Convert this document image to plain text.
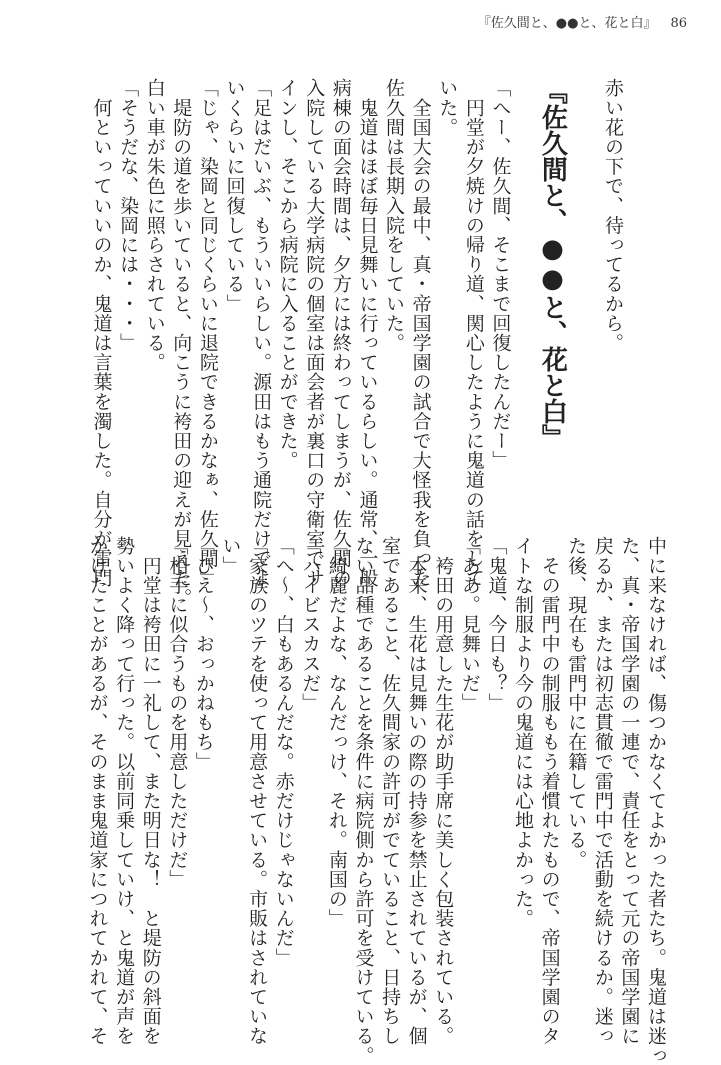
『佐久間と、●●と、花と白』 86
赤い花の下で、待ってるから。
『佐久間と、●●と、花と白』
「へー、佐久間、そこまで回復したんだー」
　円堂が夕焼けの帰り道、関心したように鬼道の話をして
いた。
　全国大会の最中、真・帝国学園の試合で大怪我を負った
佐久間は長期入院をしていた。
　鬼道はほぼ毎日見舞いに行っているらしい。通常、一般
病棟の面会時間は、夕方には終わってしまうが、佐久間の
入院している大学病院の個室は面会者が裏口の守衛室でサ
インし、そこから病院に入ることができた。
「足はだいぶ、もういいらしい。源田はもう通院だけでよ
いくらいに回復している」
「じゃ、染岡と同じくらいに退院できるかなぁ、佐久間」
　堤防の道を歩いていると、向こうに袴田の迎えが見えた。
白い車が朱色に照らされている。
「そうだな、染岡には・・・」
　何といっていいのか、鬼道は言葉を濁した。自分が雷門
中に来なければ、傷つかなくてよかった者たち。鬼道は迷っ
た、真・帝国学園の一連で、責任をとって元の帝国学園に
戻るか、または初志貫徹で雷門中で活動を続けるか。迷っ
た後、現在も雷門中に在籍している。
　その雷門中の制服ももう着慣れたもので、帝国学園のタ
イトな制服より今の鬼道には心地よかった。
「鬼道、今日も？」
「ああ。見舞いだ」
　袴田の用意した生花が助手席に美しく包装されている。
　本来、生花は見舞いの際の持参を禁止されているが、個
室であること、佐久間家の許可がでていること、日持ちし
ない品種であることを条件に病院側から許可を受けている。
「綺麗だよな、なんだっけ、それ。南国の」
「ハイビスカスだ」
「へ～、白もあるんだな。赤だけじゃないんだ」
「家族のツテを使って用意させている。市販はされていな
い」
「ひえ～、おっかねもち」
「相手に似合うものを用意しただけだ」
　円堂は袴田に一礼して、また明日な！　と堤防の斜面を
勢いよく降って行った。以前同乗していけ、と鬼道が声を
かけたことがあるが、そのまま鬼道家につれてかれて、そ
